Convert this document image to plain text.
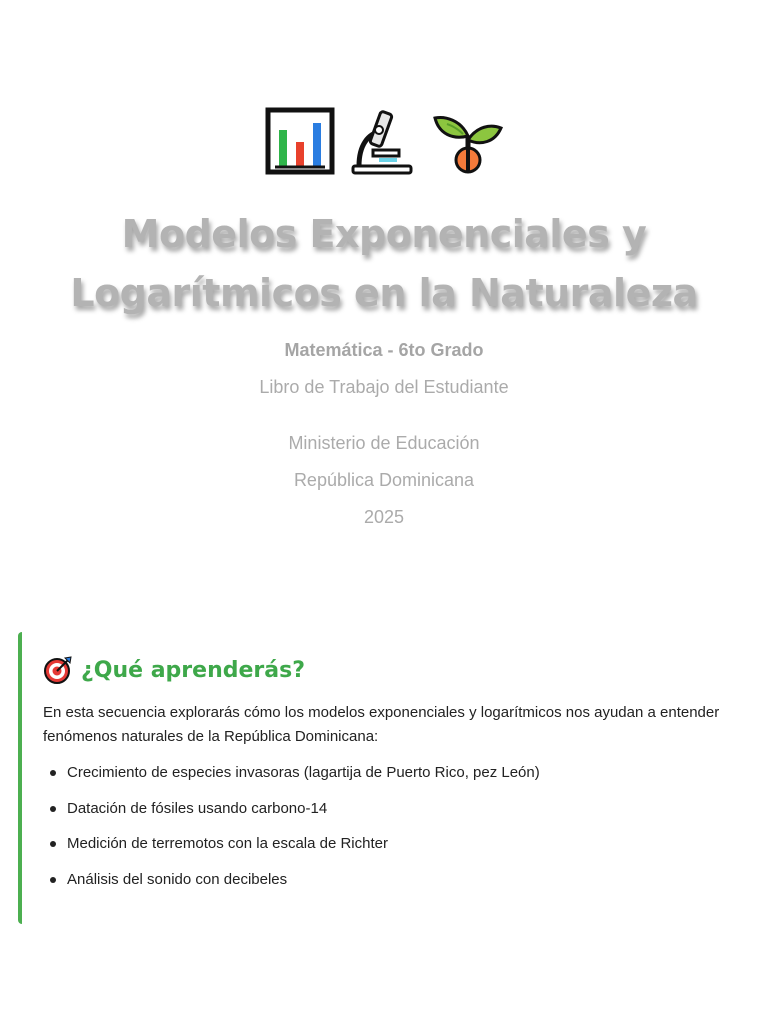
Modelos Exponenciales y
Logarítmicos en la Naturaleza
Matemática - 6to Grado
Libro de Trabajo del Estudiante
Ministerio de Educación
República Dominicana
2025
¿Qué aprenderás?

En esta secuencia explorarás cómo los modelos exponenciales y logarítmicos nos ayudan a entender fenómenos naturales de la República Dominicana:

Crecimiento de especies invasoras (lagartija de Puerto Rico, pez León)
Datación de fósiles usando carbono-14
Medición de terremotos con la escala de Richter
Análisis del sonido con decibeles
